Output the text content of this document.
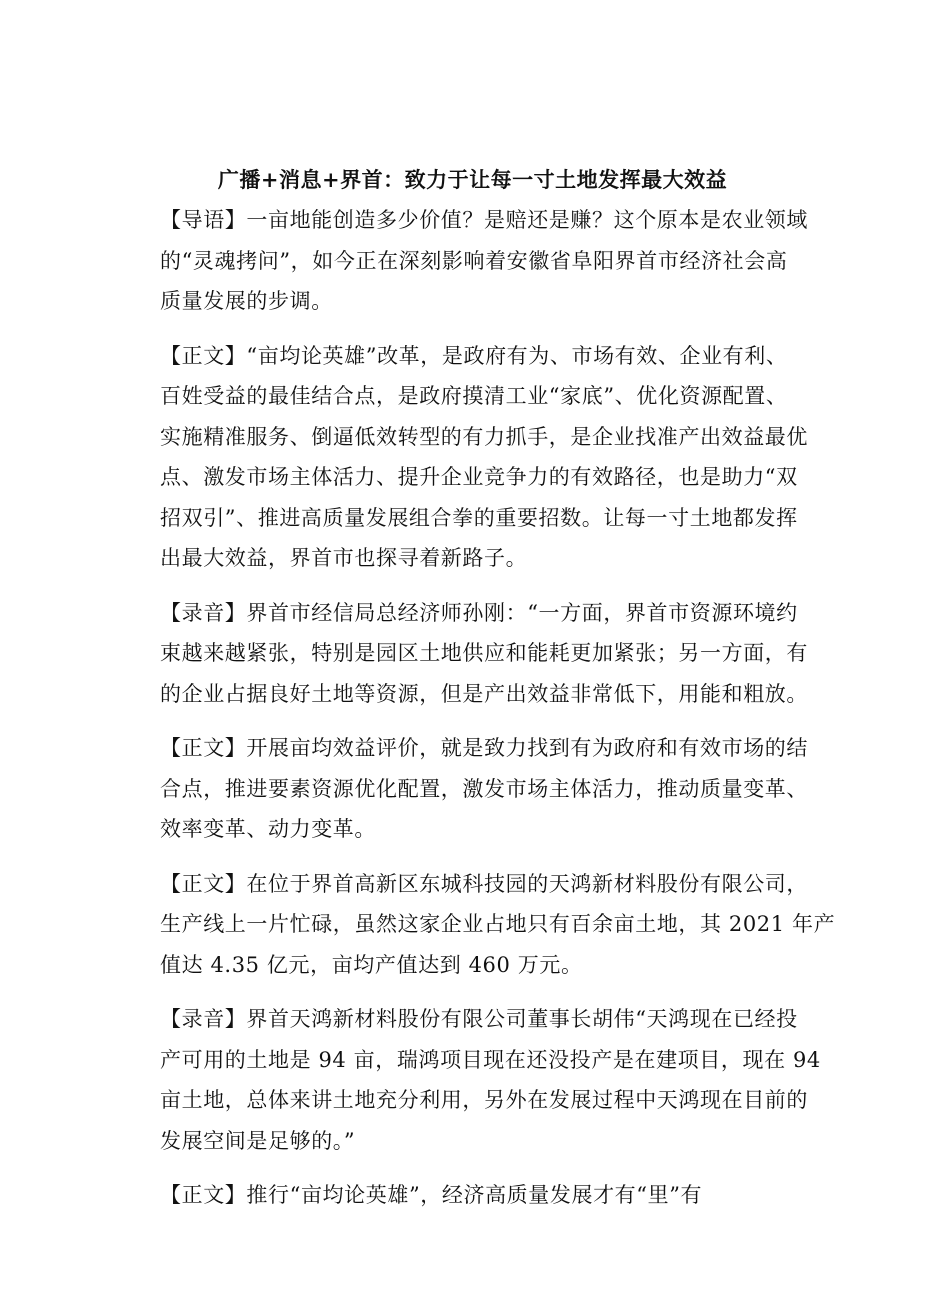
广播+消息+界首：致力于让每一寸土地发挥最大效益
【导语】一亩地能创造多少价值？是赔还是赚？这个原本是农业领域
的“灵魂拷问”，如今正在深刻影响着安徽省阜阳界首市经济社会高
质量发展的步调。
【正文】“亩均论英雄”改革，是政府有为、市场有效、企业有利、
百姓受益的最佳结合点，是政府摸清工业“家底”、优化资源配置、
实施精准服务、倒逼低效转型的有力抓手，是企业找准产出效益最优
点、激发市场主体活力、提升企业竞争力的有效路径，也是助力“双
招双引”、推进高质量发展组合拳的重要招数。让每一寸土地都发挥
出最大效益，界首市也探寻着新路子。
【录音】界首市经信局总经济师孙刚：“一方面，界首市资源环境约
束越来越紧张，特别是园区土地供应和能耗更加紧张；另一方面，有
的企业占据良好土地等资源，但是产出效益非常低下，用能和粗放。
【正文】开展亩均效益评价，就是致力找到有为政府和有效市场的结
合点，推进要素资源优化配置，激发市场主体活力，推动质量变革、
效率变革、动力变革。
【正文】在位于界首高新区东城科技园的天鸿新材料股份有限公司，
生产线上一片忙碌，虽然这家企业占地只有百余亩土地，其 2021 年产
值达 4.35 亿元，亩均产值达到 460 万元。
【录音】界首天鸿新材料股份有限公司董事长胡伟“天鸿现在已经投
产可用的土地是 94 亩，瑞鸿项目现在还没投产是在建项目，现在 94
亩土地，总体来讲土地充分利用，另外在发展过程中天鸿现在目前的
发展空间是足够的。”
【正文】推行“亩均论英雄”，经济高质量发展才有“里”有
